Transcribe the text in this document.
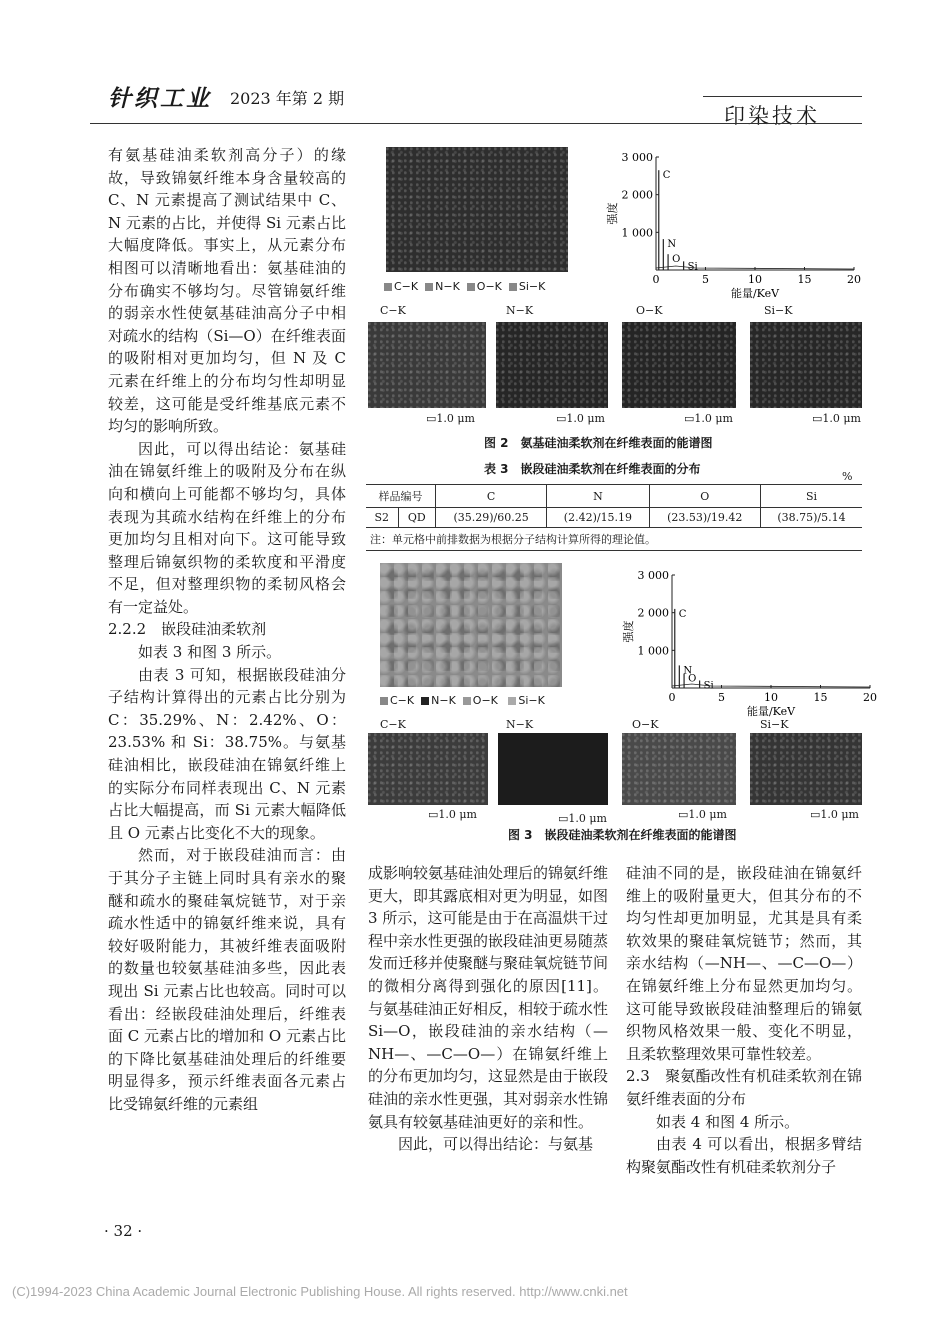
针织工业 2023 年第 2 期
印染技术

有氨基硅油柔软剂高分子）的缘故，导致锦氨纤维本身含量较高的 C、N 元素提高了测试结果中 C、N 元素的占比，并使得 Si 元素占比大幅度降低。事实上，从元素分布相图可以清晰地看出：氨基硅油的分布确实不够均匀。尽管锦氨纤维的弱亲水性使氨基硅油高分子中相对疏水的结构（Si—O）在纤维表面的吸附相对更加均匀，但 N 及 C 元素在纤维上的分布均匀性却明显较差，这可能是受纤维基底元素不均匀的影响所致。

因此，可以得出结论：氨基硅油在锦氨纤维上的吸附及分布在纵向和横向上可能都不够均匀，具体表现为其疏水结构在纤维上的分布更加均匀且相对向下。这可能导致整理后锦氨织物的柔软度和平滑度不足，但对整理织物的柔韧风格会有一定益处。

2.2.2　嵌段硅油柔软剂

如表 3 和图 3 所示。

由表 3 可知，根据嵌段硅油分子结构计算得出的元素占比分别为 C：35.29%、N：2.42%、O：23.53% 和 Si：38.75%。与氨基硅油相比，嵌段硅油在锦氨纤维上的实际分布同样表现出 C、N 元素占比大幅提高，而 Si 元素大幅降低且 O 元素占比变化不大的现象。

然而，对于嵌段硅油而言：由于其分子主链上同时具有亲水的聚醚和疏水的聚硅氧烷链节，对于亲疏水性适中的锦氨纤维来说，具有较好吸附能力，其被纤维表面吸附的数量也较氨基硅油多些，因此表现出 Si 元素占比也较高。同时可以看出：经嵌段硅油处理后，纤维表面 C 元素占比的增加和 O 元素占比的下降比氨基硅油处理后的纤维要明显得多，预示纤维表面各元素占比受锦氨纤维的元素组

C−K N−K O−K Si−K
0	5	10	15	20
1 000
2 000
3 000
能量/KeV
强度
C
N
O
Si
C−K	N−K	O−K	Si−K
▭1.0 μm	▭1.0 μm	▭1.0 μm	▭1.0 μm
图 2　氨基硅油柔软剂在纤维表面的能谱图
表 3　嵌段硅油柔软剂在纤维表面的分布
%
样品编号		C	N	O	Si
S2	QD	(35.29)/60.25	(2.42)/15.19	(23.53)/19.42	(38.75)/5.14
注：单元格中前排数据为根据分子结构计算所得的理论值。					
C−K N−K O−K Si−K	0	5	10	15	20
1 000
2 000
3 000
能量/KeV
强度
C
N
O
Si
C−K	N−K	O−K	Si−K
▭1.0 μm	▭1.0 μm	▭1.0 μm	▭1.0 μm
图 3　嵌段硅油柔软剂在纤维表面的能谱图

成影响较氨基硅油处理后的锦氨纤维更大，即其露底相对更为明显，如图 3 所示，这可能是由于在高温烘干过程中亲水性更强的嵌段硅油更易随蒸发而迁移并使聚醚与聚硅氧烷链节间的微相分离得到强化的原因[11]。与氨基硅油正好相反，相较于疏水性 Si—O，嵌段硅油的亲水结构（—NH—、—C—O—）在锦氨纤维上的分布更加均匀，这显然是由于嵌段硅油的亲水性更强，其对弱亲水性锦氨具有较氨基硅油更好的亲和性。

因此，可以得出结论：与氨基

硅油不同的是，嵌段硅油在锦氨纤维上的吸附量更大，但其分布的不均匀性却更加明显，尤其是具有柔软效果的聚硅氧烷链节；然而，其亲水结构（—NH—、—C—O—）在锦氨纤维上分布显然更加均匀。这可能导致嵌段硅油整理后的锦氨织物风格效果一般、变化不明显，且柔软整理效果可靠性较差。

2.3　聚氨酯改性有机硅柔软剂在锦氨纤维表面的分布

如表 4 和图 4 所示。

由表 4 可以看出，根据多臂结构聚氨酯改性有机硅柔软剂分子

· 32 ·
(C)1994-2023 China Academic Journal Electronic Publishing House. All rights reserved. http://www.cnki.net
